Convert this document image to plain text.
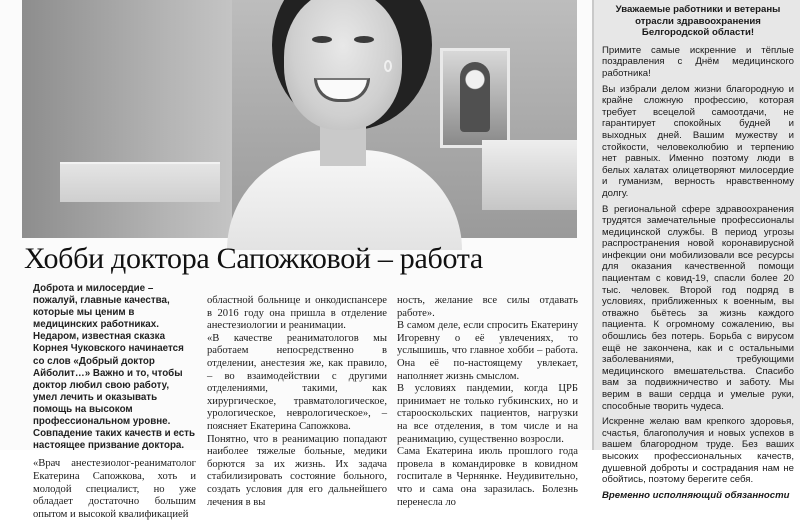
Хобби доктора Сапожковой – работа

Доброта и милосердие – пожалуй, главные качества, которые мы ценим в медицинских работниках. Недаром, известная сказка Корнея Чуковского начинается со слов «Добрый доктор Айболит…» Важно и то, чтобы доктор любил свою работу, умел лечить и оказывать помощь на высоком профессиональном уровне. Совпадение таких качеств и есть настоящее призвание доктора.

«Врач анестезиолог-реаниматолог Екатерина Сапожкова, хоть и молодой специалист, но уже обладает достаточно большим опытом и высокой квалификацией

областной больнице и онкодиспансере в 2016 году она пришла в отделение анестезиологии и реанимации.

«В качестве реаниматологов мы работаем непосредственно в отделении, анестезия же, как правило, – во взаимодействии с другими отделениями, такими, как хирургическое, травматологическое, урологическое, неврологическое», – поясняет Екатерина Сапожкова.

Понятно, что в реанимацию попадают наиболее тяжелые больные, медики борются за их жизнь. Их задача стабилизировать состояние больного, создать условия для его дальнейшего лечения в вы

ность, желание все силы отдавать работе».

В самом деле, если спросить Екатерину Игоревну о её увлечениях, то услышишь, что главное хобби – работа. Она её по-настоящему увлекает, наполняет жизнь смыслом.

В условиях пандемии, когда ЦРБ принимает не только губкинских, но и старооскольских пациентов, нагрузки на все отделения, в том числе и на реанимацию, существенно возросли.

Сама Екатерина июль прошлого года провела в командировке в ковидном госпитале в Чернянке. Неудивительно, что и сама она заразилась. Болезнь перенесла ло

Уважаемые работники и ветераны отрасли здравоохранения Белгородской области!

Примите самые искренние и тёплые поздравления с Днём медицинского работника!

Вы избрали делом жизни благородную и крайне сложную профессию, которая требует всецелой самоотдачи, не гарантирует спокойных будней и выходных дней. Вашим мужеству и стойкости, человеколюбию и терпению нет равных. Именно поэтому люди в белых халатах олицетворяют милосердие и гуманизм, верность нравственному долгу.

В региональной сфере здравоохранения трудятся замечательные профессионалы медицинской службы. В период угрозы распространения новой коронавирусной инфекции они мобилизовали все ресурсы для оказания качественной помощи пациентам с ковид-19, спасли более 20 тыс. человек. Второй год подряд в условиях, приближенных к военным, вы отважно бьётесь за жизнь каждого пациента. К огромному сожалению, вы обошлись без потерь. Борьба с вирусом ещё не закончена, как и с остальными заболеваниями, требующими медицинского вмешательства. Спасибо вам за подвижничество и заботу. Мы верим в ваши сердца и умелые руки, способные творить чудеса.

Искренне желаю вам крепкого здоровья, счастья, благополучия и новых успехов в вашем благородном труде. Без ваших высоких профессиональных качеств, душевной доброты и сострадания нам не обойтись, поэтому берегите себя.

Временно исполняющий обязанности
